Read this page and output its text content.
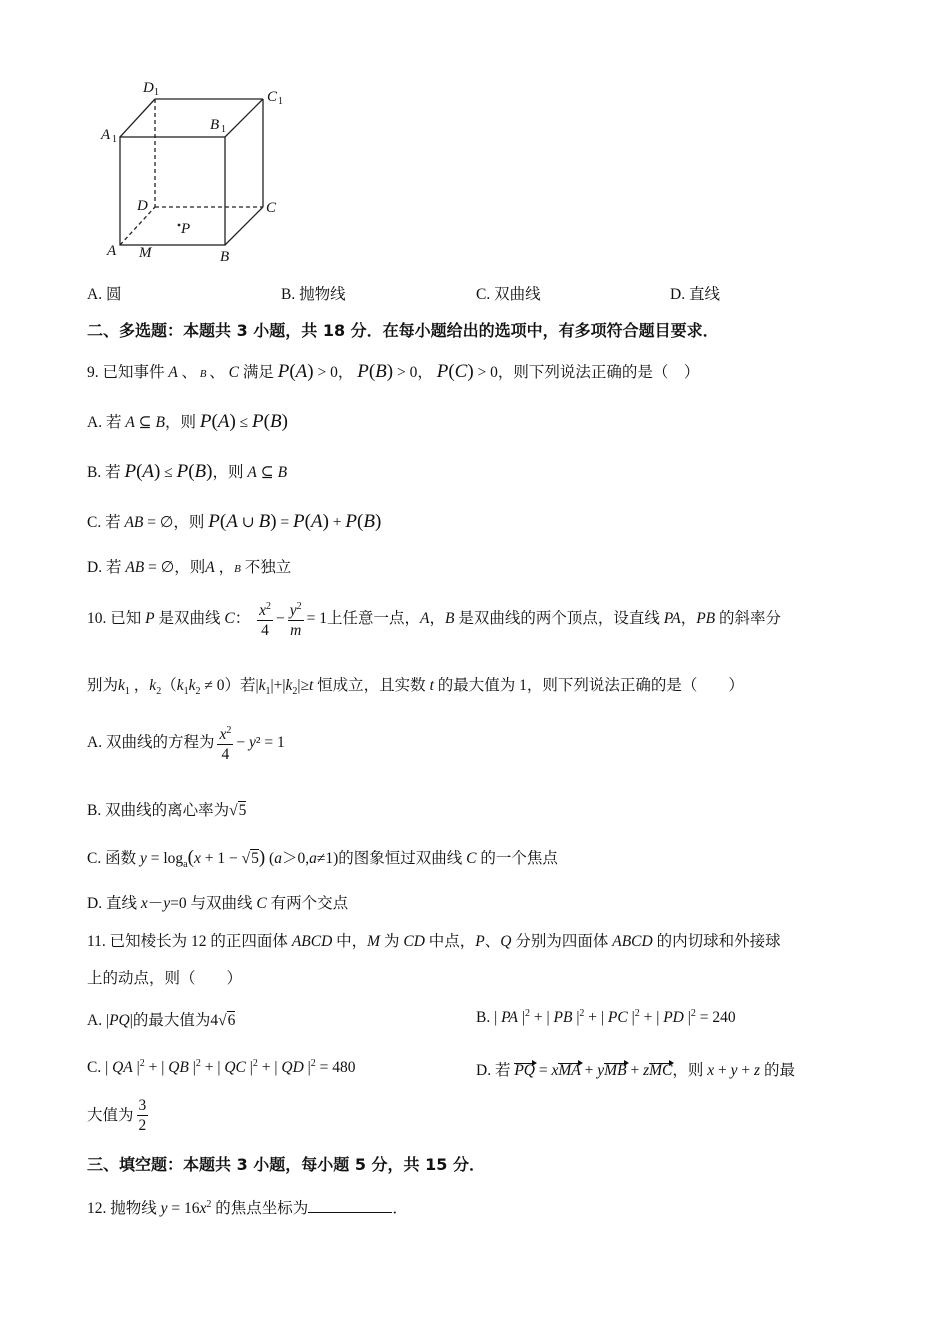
D 1	C 1
A 1
B 1
D	C
A M	B
P
A. 圆	B. 抛物线	C. 双曲线	D. 直线
二、多选题：本题共 3 小题，共 18 分．在每小题给出的选项中，有多项符合题目要求．
9. 已知事件 A 、 B 、 C 满足 P(A) > 0， P(B) > 0， P(C) > 0，则下列说法正确的是（　）
A. 若 A ⊆ B，则 P(A) ≤ P(B)
B. 若 P(A) ≤ P(B)，则 A ⊆ B
C. 若 AB = ∅，则 P(A ∪ B) = P(A) + P(B)
D. 若 AB = ∅，则A ，B 不独立
10. 已知 P 是双曲线 C： $\frac{x^2}{4} - \frac{y^2}{m} = 1$上任意一点，A，B 是双曲线的两个顶点，设直线 PA，PB 的斜率分
别为$k_1$ ，$k_2(k_1k_2 \ne 0)$若$|k_1|+|k_2|\ge t$ 恒成立，且实数 t 的最大值为 1，则下列说法正确的是（　　）
A. 双曲线的方程为 $\frac{x^2}{4} - y^2 = 1$
B. 双曲线的离心率为√5
C. 函数 $y = \log_a(x + 1 - √5)$ (a＞0,a≠1)的图象恒过双曲线 C 的一个焦点
D. 直线 x－y=0 与双曲线 C 有两个交点
11. 已知棱长为 12 的正四面体 ABCD 中，M 为 CD 中点，P、Q 分别为四面体 ABCD 的内切球和外接球
上的动点，则（　　）
A. |PQ|的最大值为4√6	B. | PA $|^2$ + | PB $|^2$ + | PC $|^2$ + | PD $|^2 = 240$
C. | QA $|^2$ + | QB $|^2$ + | QC $|^2$ + | QD $|^2 = 480$	D. 若 PQ = xMA + yMB + zMC，则 x + y + z 的最
大值为 $\frac{3}{2}$
三、填空题：本题共 3 小题，每小题 5 分，共 15 分．
12. 抛物线 $y = 16x^2$ 的焦点坐标为	．
